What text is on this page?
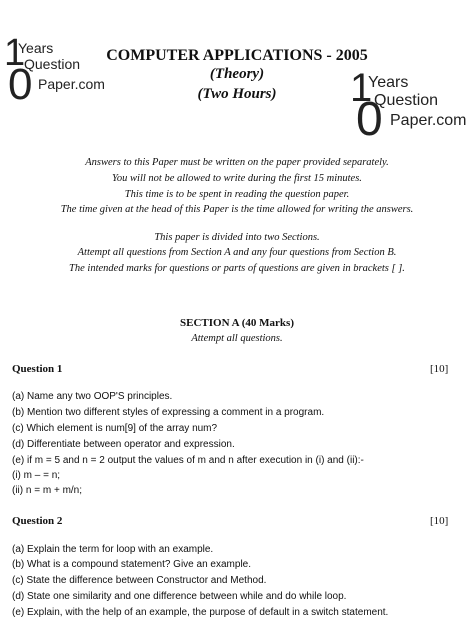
1
0
Years
Question
Paper.com	1
0
Years
Question
Paper.com
COMPUTER APPLICATIONS - 2005
(Theory)
(Two Hours)
Answers to this Paper must be written on the paper provided separately.
You will not be allowed to write during the first 15 minutes.
This time is to be spent in reading the question paper.
The time given at the head of this Paper is the time allowed for writing the answers.
This paper is divided into two Sections.
Attempt all questions from Section A and any four questions from Section B.
The intended marks for questions or parts of questions are given in brackets [ ].
SECTION A (40 Marks)
Attempt all questions.
Question 1	[10]
(a) Name any two OOP'S principles.
(b) Mention two different styles of expressing a comment in a program.
(c) Which element is num[9] of the array num?
(d) Differentiate between operator and expression.
(e) if m = 5 and n = 2 output the values of m and n after execution in (i) and (ii):-
(i) m – = n;
(ii) n = m + m/n;
Question 2	[10]
(a) Explain the term for loop with an example.
(b) What is a compound statement? Give an example.
(c) State the difference between Constructor and Method.
(d) State one similarity and one difference between while and do while loop.
(e) Explain, with the help of an example, the purpose of default in a switch statement.
